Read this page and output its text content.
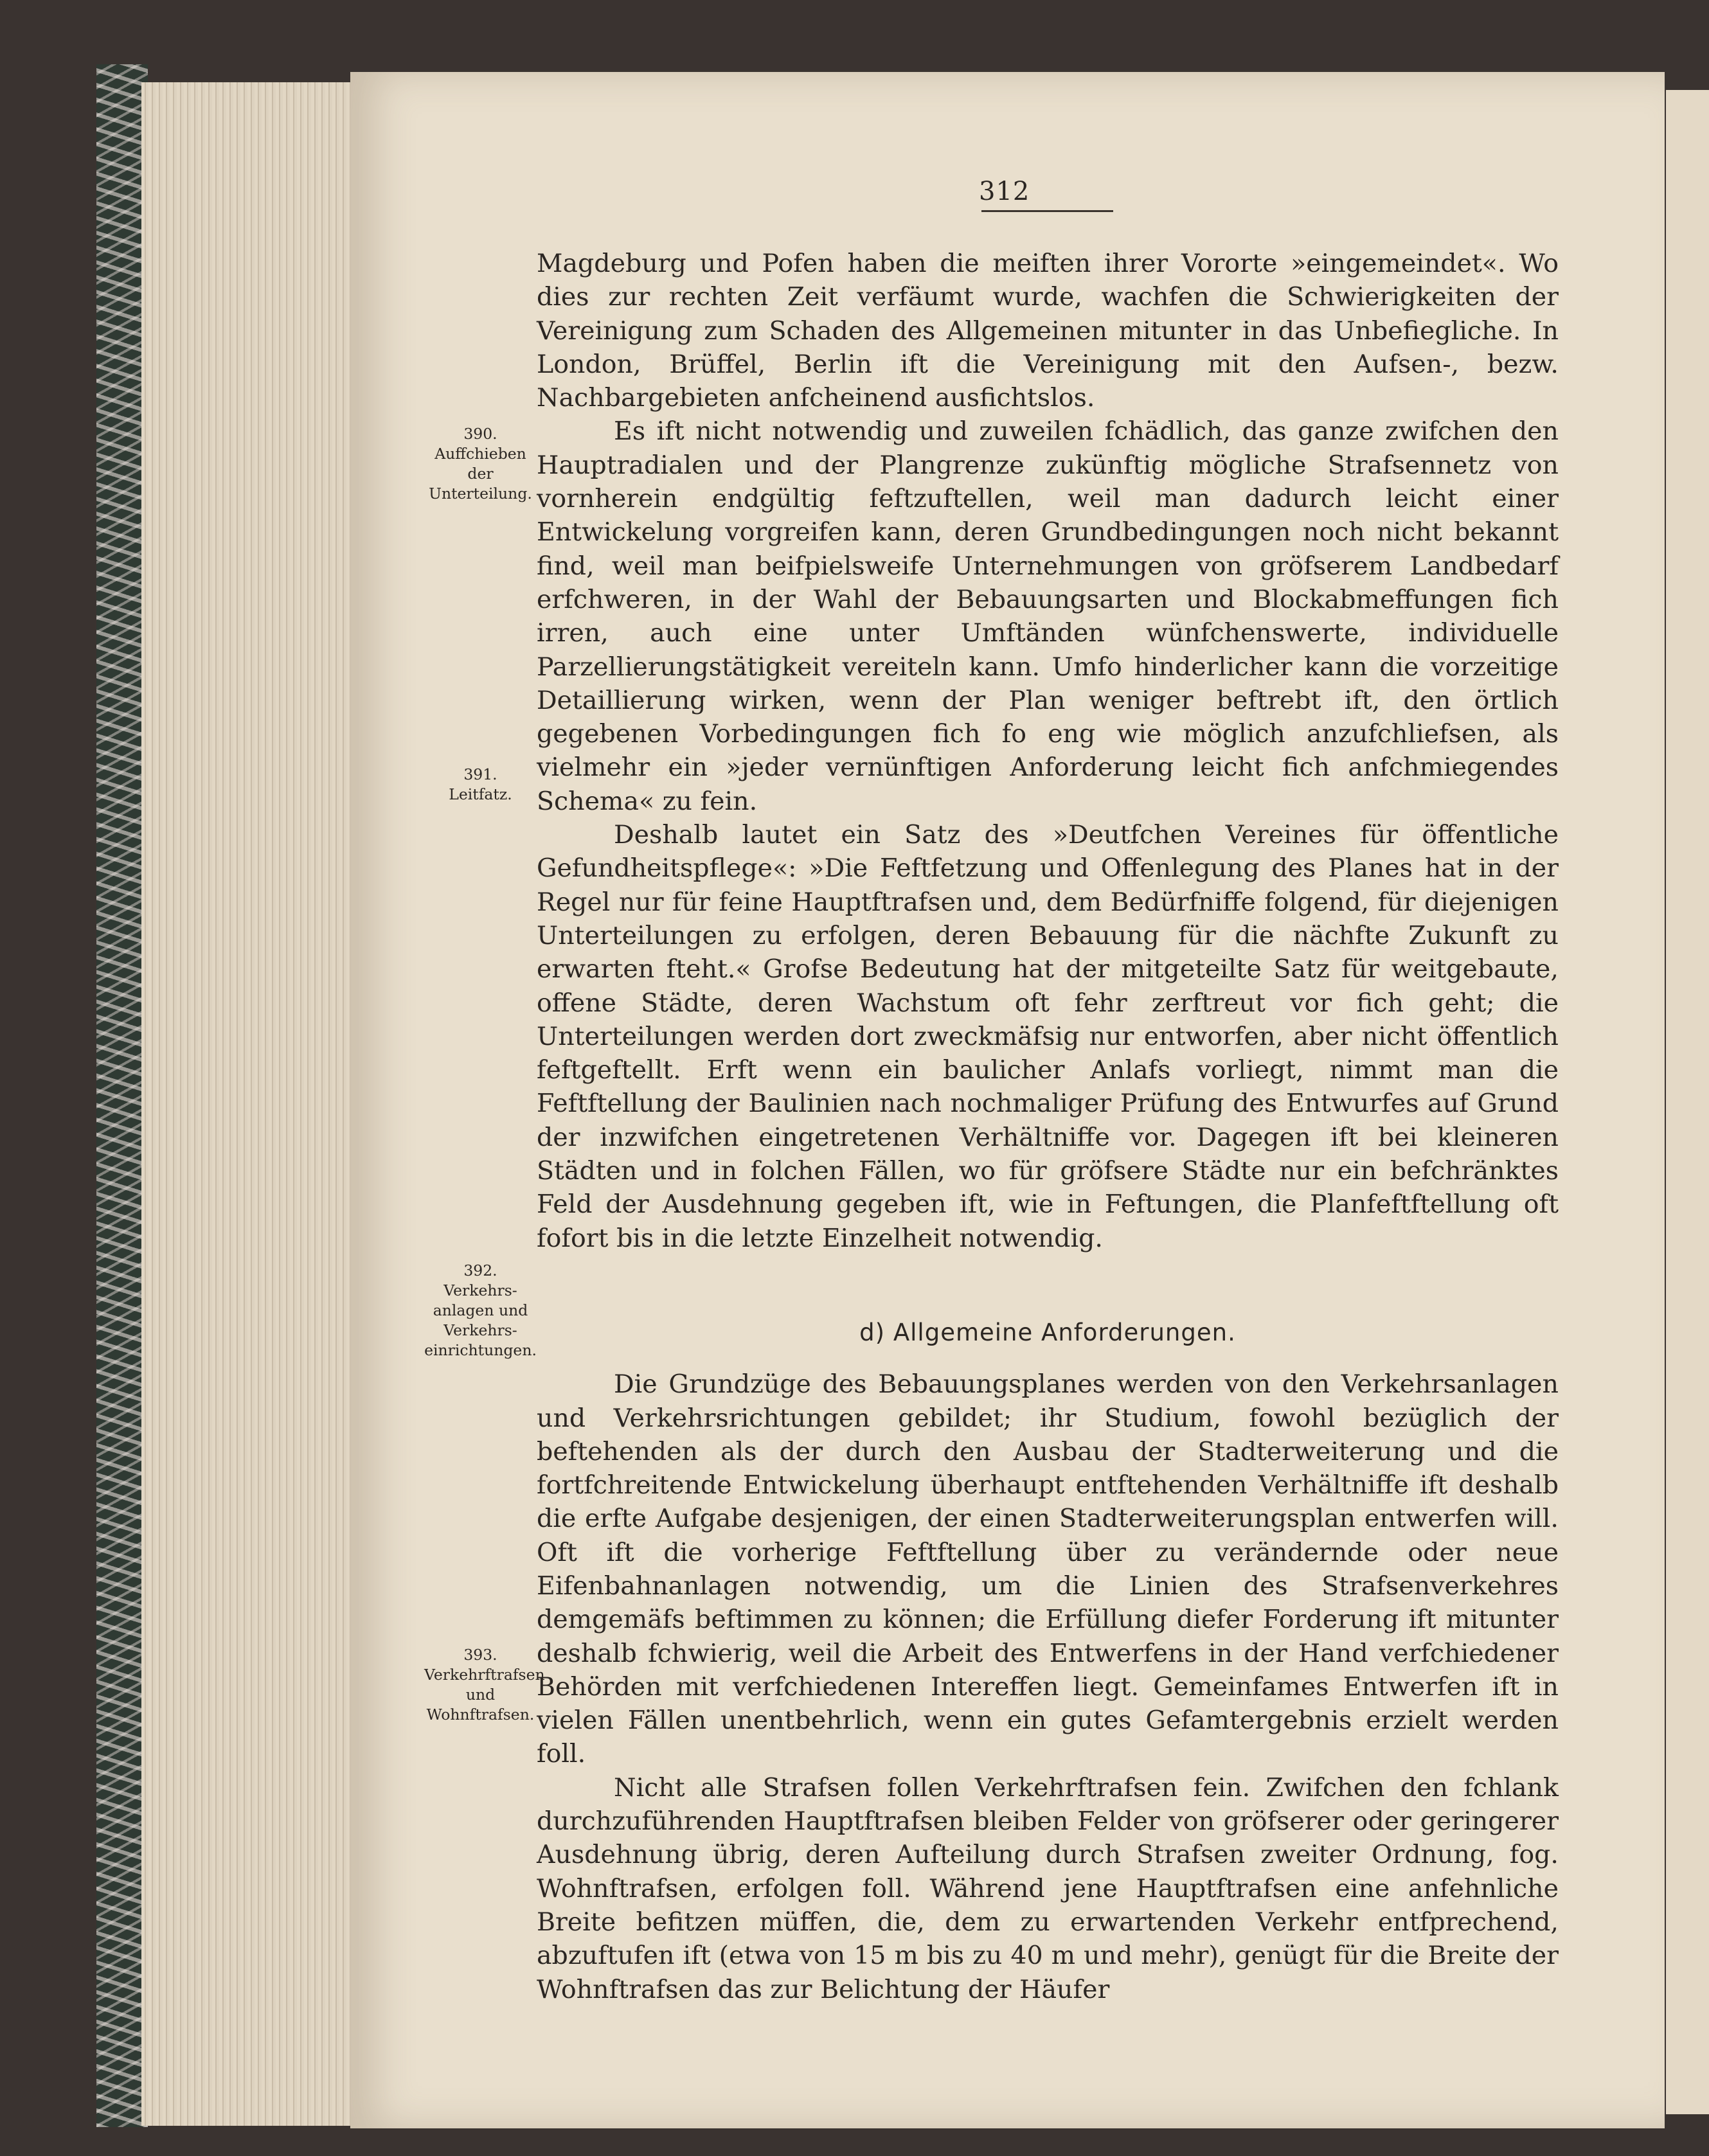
312
390.
Auffchieben der Unterteilung.
391.
Leitfatz.
392.
Verkehrs-anlagen und Verkehrs-einrichtungen.
393.
Verkehrftrafsen und Wohnftrafsen.

Magdeburg und Pofen haben die meiften ihrer Vororte »eingemeindet«. Wo dies zur rechten Zeit verfäumt wurde, wachfen die Schwierigkeiten der Vereinigung zum Schaden des Allgemeinen mitunter in das Unbefiegliche. In London, Brüffel, Berlin ift die Vereinigung mit den Aufsen-, bezw. Nachbargebieten anfcheinend ausfichtslos.

Es ift nicht notwendig und zuweilen fchädlich, das ganze zwifchen den Hauptradialen und der Plangrenze zukünftig mögliche Strafsennetz von vornherein endgültig feftzuftellen, weil man dadurch leicht einer Entwickelung vorgreifen kann, deren Grundbedingungen noch nicht bekannt find, weil man beifpielsweife Unternehmungen von gröfserem Landbedarf erfchweren, in der Wahl der Bebauungsarten und Blockabmeffungen fich irren, auch eine unter Umftänden wünfchenswerte, individuelle Parzellierungstätigkeit vereiteln kann. Umfo hinderlicher kann die vorzeitige Detaillierung wirken, wenn der Plan weniger beftrebt ift, den örtlich gegebenen Vorbedingungen fich fo eng wie möglich anzufchliefsen, als vielmehr ein »jeder vernünftigen Anforderung leicht fich anfchmiegendes Schema« zu fein.

Deshalb lautet ein Satz des »Deutfchen Vereines für öffentliche Gefundheitspflege«: »Die Feftfetzung und Offenlegung des Planes hat in der Regel nur für feine Hauptftrafsen und, dem Bedürfniffe folgend, für diejenigen Unterteilungen zu erfolgen, deren Bebauung für die nächfte Zukunft zu erwarten fteht.« Grofse Bedeutung hat der mitgeteilte Satz für weitgebaute, offene Städte, deren Wachstum oft fehr zerftreut vor fich geht; die Unterteilungen werden dort zweckmäfsig nur entworfen, aber nicht öffentlich feftgeftellt. Erft wenn ein baulicher Anlafs vorliegt, nimmt man die Feftftellung der Baulinien nach nochmaliger Prüfung des Entwurfes auf Grund der inzwifchen eingetretenen Verhältniffe vor. Dagegen ift bei kleineren Städten und in folchen Fällen, wo für gröfsere Städte nur ein befchränktes Feld der Ausdehnung gegeben ift, wie in Feftungen, die Planfeftftellung oft fofort bis in die letzte Einzelheit notwendig.

d) Allgemeine Anforderungen.

Die Grundzüge des Bebauungsplanes werden von den Verkehrsanlagen und Verkehrsrichtungen gebildet; ihr Studium, fowohl bezüglich der beftehenden als der durch den Ausbau der Stadterweiterung und die fortfchreitende Entwickelung überhaupt entftehenden Verhältniffe ift deshalb die erfte Aufgabe desjenigen, der einen Stadterweiterungsplan entwerfen will. Oft ift die vorherige Feftftellung über zu verändernde oder neue Eifenbahnanlagen notwendig, um die Linien des Strafsenverkehres demgemäfs beftimmen zu können; die Erfüllung diefer Forderung ift mitunter deshalb fchwierig, weil die Arbeit des Entwerfens in der Hand verfchiedener Behörden mit verfchiedenen Intereffen liegt. Gemeinfames Entwerfen ift in vielen Fällen unentbehrlich, wenn ein gutes Gefamtergebnis erzielt werden foll.

Nicht alle Strafsen follen Verkehrftrafsen fein. Zwifchen den fchlank durchzuführenden Hauptftrafsen bleiben Felder von gröfserer oder geringerer Ausdehnung übrig, deren Aufteilung durch Strafsen zweiter Ordnung, fog. Wohnftrafsen, erfolgen foll. Während jene Hauptftrafsen eine anfehnliche Breite befitzen müffen, die, dem zu erwartenden Verkehr entfprechend, abzuftufen ift (etwa von 15 m bis zu 40 m und mehr), genügt für die Breite der Wohnftrafsen das zur Belichtung der Häufer
